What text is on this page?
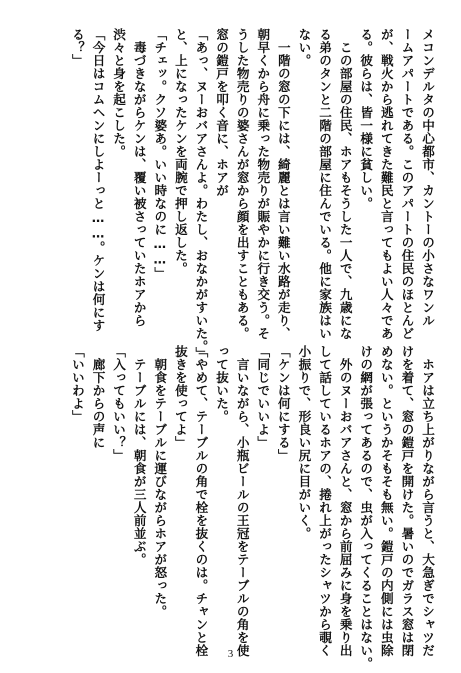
メコンデルタの中心都市、カントーの小さなワンル
ームアパートである。このアパートの住民のほとんど
が、戦火から逃れてきた難民と言ってもよい人々であ
る。彼らは、皆一様に貧しい。
　この部屋の住民、ホアもそうした一人で、九歳にな
る弟のタンと二階の部屋に住んでいる。他に家族はい
ない。
　一階の窓の下には、綺麗とは言い難い水路が走り、
朝早くから舟に乗った物売りが賑やかに行き交う。そ
うした物売りの婆さんが窓から顔を出すこともある。
窓の鎧戸を叩く音に、ホアが
「あっ、ヌーおバアさんよ。わたし、おなかがすいた。」
と、上になったケンを両腕で押し返した。
「チェッ。クソ婆あ。いい時なのに……」
　毒づきながらケンは、覆い被さっていたホアから
渋々と身を起こした。
「今日はコムヘンにしよーっと……。ケンは何にす
る？」
　ホアは立ち上がりながら言うと、大急ぎでシャツだ
けを着て、窓の鎧戸を開けた。暑いのでガラス窓は閉
めない。というかそもそも無い。鎧戸の内側には虫除
けの網が張ってあるので、虫が入ってくることはない。
　外のヌーおバアさんと、窓から前屈みに身を乗り出
して話しているホアの、捲れ上がったシャツから覗く
小振りで、形良い尻に目がいく。
「ケンは何にする」
「同じでいいよ」
　言いながら、小瓶ビールの王冠をテーブルの角を使
って抜いた。
「やめて、テーブルの角で栓を抜くのは。チャンと栓
抜きを使ってよ」
　朝食をテーブルに運びながらホアが怒った。
　テーブルには、朝食が三人前並ぶ。
「入ってもいい？」
　廊下からの声に
「いいわよ」
3
